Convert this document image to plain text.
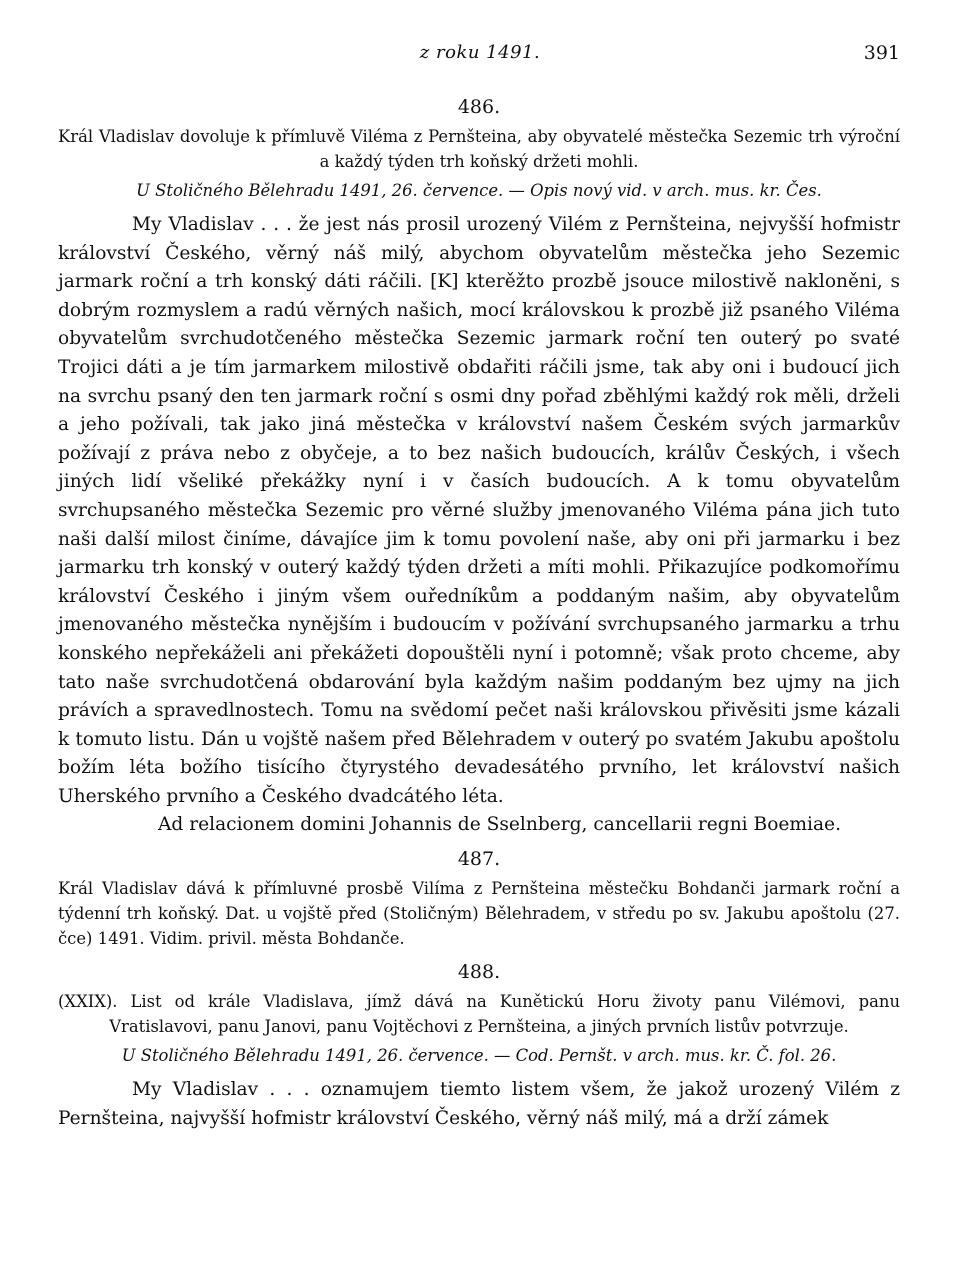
z roku 1491.	391
486.

Král Vladislav dovoluje k přímluvě Viléma z Pernšteina, aby obyvatelé městečka Sezemic trh výroční a každý týden trh koňský držeti mohli.

U Stoličného Bělehradu 1491, 26. července. — Opis nový vid. v arch. mus. kr. Čes.

My Vladislav . . . že jest nás prosil urozený Vilém z Pernšteina, nejvyšší hofmistr království Českého, věrný náš milý, abychom obyvatelům městečka jeho Sezemic jarmark roční a trh konský dáti ráčili. [K] kterěžto prozbě jsouce milostivě nakloněni, s dobrým rozmyslem a radú věrných našich, mocí královskou k prozbě již psaného Viléma obyvatelům svrchudotčeného městečka Sezemic jarmark roční ten outerý po svaté Trojici dáti a je tím jarmarkem milostivě obdařiti ráčili jsme, tak aby oni i budoucí jich na svrchu psaný den ten jarmark roční s osmi dny pořad zběhlými každý rok měli, drželi a jeho požívali, tak jako jiná městečka v království našem Českém svých jarmarkův požívají z práva nebo z obyčeje, a to bez našich budoucích, králův Českých, i všech jiných lidí všeliké překážky nyní i v časích budoucích. A k tomu obyvatelům svrchupsaného městečka Sezemic pro věrné služby jmenovaného Viléma pána jich tuto naši další milost činíme, dávajíce jim k tomu povolení naše, aby oni při jarmarku i bez jarmarku trh konský v outerý každý týden držeti a míti mohli. Přikazujíce podkomořímu království Českého i jiným všem ouředníkům a poddaným našim, aby obyvatelům jmenovaného městečka nynějším i budoucím v požívání svrchupsaného jarmarku a trhu konského nepřekáželi ani překážeti dopouštěli nyní i potomně; však proto chceme, aby tato naše svrchudotčená obdarování byla každým našim poddaným bez ujmy na jich právích a spravedlnostech. Tomu na svědomí pečet naši královskou přivěsiti jsme kázali k tomuto listu. Dán u vojště našem před Bělehradem v outerý po svatém Jakubu apoštolu božím léta božího tisícího čtyrystého devadesátého prvního, let království našich Uherského prvního a Českého dvadcátého léta.

Ad relacionem domini Johannis de Sselnberg, cancellarii regni Boemiae.

487.

Král Vladislav dává k přímluvné prosbě Vilíma z Pernšteina městečku Bohdanči jarmark roční a týdenní trh koňský. Dat. u vojště před (Stoličným) Bělehradem, v středu po sv. Jakubu apoštolu (27. čce) 1491. Vidim. privil. města Bohdanče.

488.

(XXIX). List od krále Vladislava, jímž dává na Kunětickú Horu životy panu Vilémovi, panu Vratislavovi, panu Janovi, panu Vojtěchovi z Pernšteina, a jiných prvních listův potvrzuje.

U Stoličného Bělehradu 1491, 26. července. — Cod. Pernšt. v arch. mus. kr. Č. fol. 26.

My Vladislav . . . oznamujem tiemto listem všem, že jakož urozený Vilém z Pernšteina, najvyšší hofmistr království Českého, věrný náš milý, má a drží zámek
